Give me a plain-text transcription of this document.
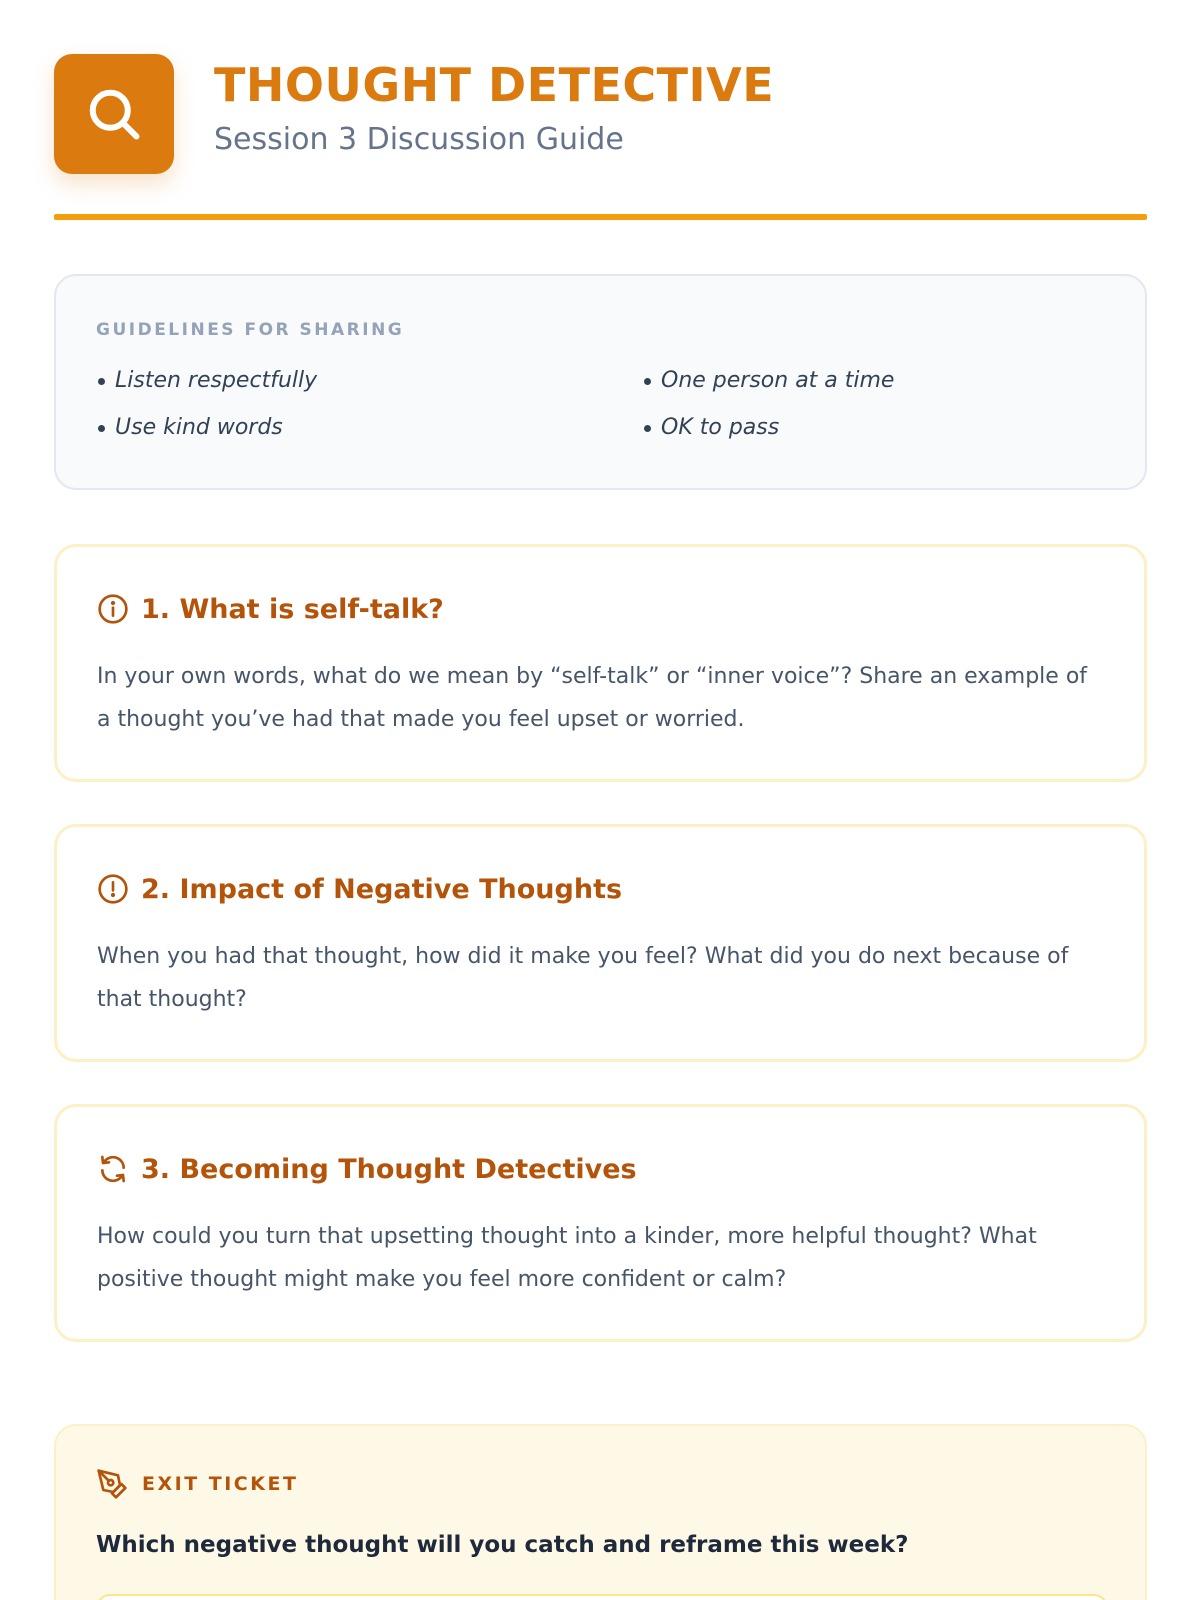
THOUGHT DETECTIVE
Session 3 Discussion Guide
GUIDELINES FOR SHARING
Listen respectfully	One person at a time
Use kind words	OK to pass
1. What is self-talk?
In your own words, what do we mean by “self-talk” or “inner voice”? Share an example of a thought you’ve had that made you feel upset or worried.
2. Impact of Negative Thoughts
When you had that thought, how did it make you feel? What did you do next because of that thought?
3. Becoming Thought Detectives
How could you turn that upsetting thought into a kinder, more helpful thought? What positive thought might make you feel more confident or calm?
EXIT TICKET
Which negative thought will you catch and reframe this week?
